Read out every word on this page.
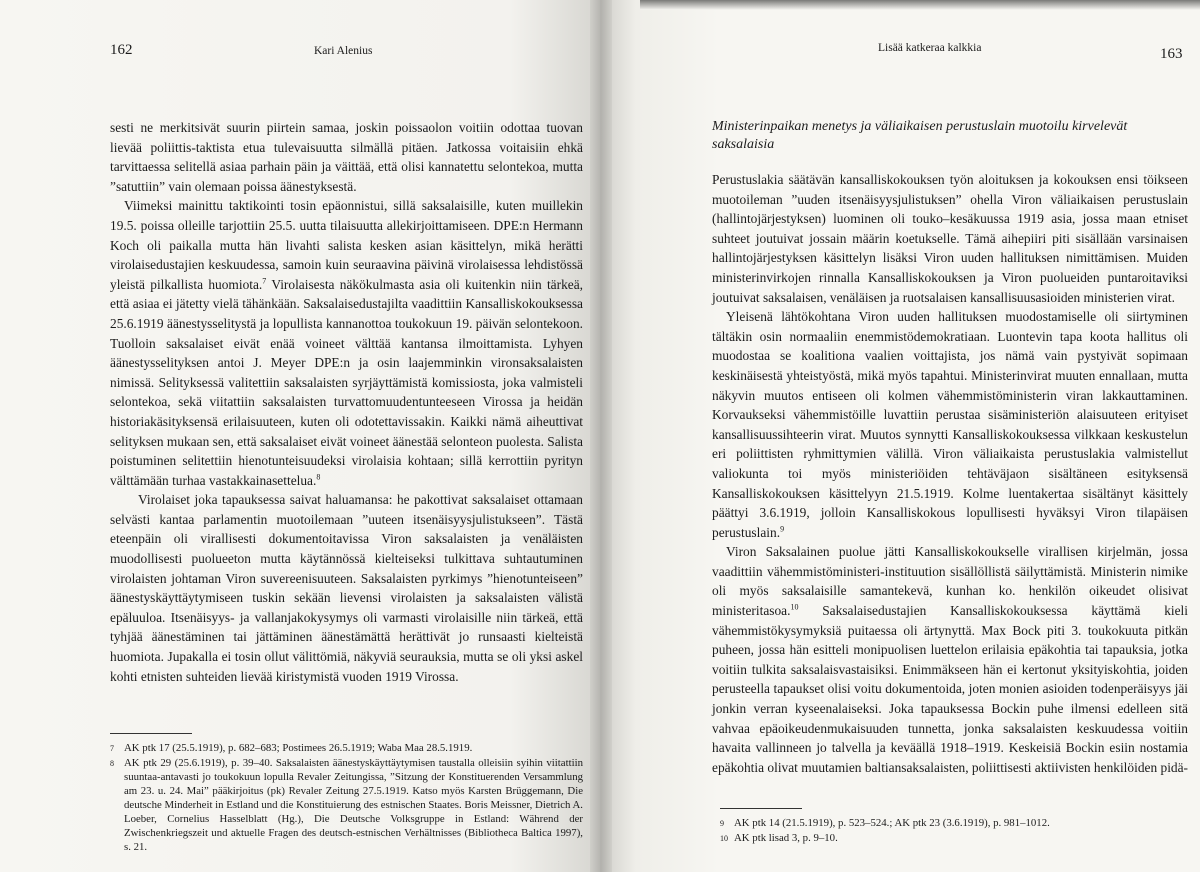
162	Kari Alenius

sesti ne merkitsivät suurin piirtein samaa, joskin poissaolon voitiin odottaa tuovan lievää poliittis-taktista etua tulevaisuutta silmällä pitäen. Jatkossa voitaisiin ehkä tarvittaessa selitellä asiaa parhain päin ja väittää, että olisi kannatettu selontekoa, mutta ”satuttiin” vain olemaan poissa äänestyksestä.

Viimeksi mainittu taktikointi tosin epäonnistui, sillä saksalaisille, kuten muillekin 19.5. poissa olleille tarjottiin 25.5. uutta tilaisuutta allekirjoittamiseen. DPE:n Hermann Koch oli paikalla mutta hän livahti salista kesken asian käsittelyn, mikä herätti virolaisedustajien keskuudessa, samoin kuin seuraavina päivinä virolaisessa lehdistössä yleistä pilkallista huomiota.$^7$ Virolaisesta näkökulmasta asia oli kuitenkin niin tärkeä, että asiaa ei jätetty vielä tähänkään. Saksalaisedustajilta vaadittiin Kansalliskokouksessa 25.6.1919 äänestysselitystä ja lopullista kannanottoa toukokuun 19. päivän selontekoon. Tuolloin saksalaiset eivät enää voineet välttää kantansa ilmoittamista. Lyhyen äänestysselityksen antoi J. Meyer DPE:n ja osin laajemminkin vironsaksalaisten nimissä. Selityksessä valitettiin saksalaisten syrjäyttämistä komissiosta, joka valmisteli selontekoa, sekä viitattiin saksalaisten turvattomuudentunteeseen Virossa ja heidän historiakäsityksensä erilaisuuteen, kuten oli odotettavissakin. Kaikki nämä aiheuttivat selityksen mukaan sen, että saksalaiset eivät voineet äänestää selonteon puolesta. Salista poistuminen selitettiin hienotunteisuudeksi virolaisia kohtaan; sillä kerrottiin pyrityn välttämään turhaa vastakkainasettelua.$^8$

Virolaiset joka tapauksessa saivat haluamansa: he pakottivat saksalaiset ottamaan selvästi kantaa parlamentin muotoilemaan ”uuteen itsenäisyysjulistukseen”. Tästä eteenpäin oli virallisesti dokumentoitavissa Viron saksalaisten ja venäläisten muodollisesti puolueeton mutta käytännössä kielteiseksi tulkittava suhtautuminen virolaisten johtaman Viron suvereenisuuteen. Saksalaisten pyrkimys ”hienotunteiseen” äänestyskäyttäytymiseen tuskin sekään lievensi virolaisten ja saksalaisten välistä epäluuloa. Itsenäisyys- ja vallanjakokysymys oli varmasti virolaisille niin tärkeä, että tyhjää äänestäminen tai jättäminen äänestämättä herättivät jo runsaasti kielteistä huomiota. Jupakalla ei tosin ollut välittömiä, näkyviä seurauksia, mutta se oli yksi askel kohti etnisten suhteiden lievää kiristymistä vuoden 1919 Virossa.

7 AK ptk 17 (25.5.1919), p. 682–683; Postimees 26.5.1919; Waba Maa 28.5.1919.
8 AK ptk 29 (25.6.1919), p. 39–40. Saksalaisten äänestyskäyttäytymisen taustalla olleisiin syihin viitattiin suuntaa-antavasti jo toukokuun lopulla Revaler Zeitungissa, ”Sitzung der Konstituerenden Versammlung am 23. u. 24. Mai” pääkirjoitus (pk) Revaler Zeitung 27.5.1919. Katso myös Karsten Brüggemann, Die deutsche Minderheit in Estland und die Konstituierung des estnischen Staates. Boris Meissner, Dietrich A. Loeber, Cornelius Hasselblatt (Hg.), Die Deutsche Volksgruppe in Estland: Während der Zwischenkriegszeit und aktuelle Fragen des deutsch-estnischen Verhältnisses (Bibliotheca Baltica 1997), s. 21.
Lisää katkeraa kalkkia	163
Ministerinpaikan menetys ja väliaikaisen perustuslain muotoilu kirvelevät saksalaisia

Perustuslakia säätävän kansalliskokouksen työn aloituksen ja kokouksen ensi töikseen muotoileman ”uuden itsenäisyysjulistuksen” ohella Viron väliaikaisen perustuslain (hallintojärjestyksen) luominen oli touko–kesäkuussa 1919 asia, jossa maan etniset suhteet joutuivat jossain määrin koetukselle. Tämä aihepiiri piti sisällään varsinaisen hallintojärjestyksen käsittelyn lisäksi Viron uuden hallituksen nimittämisen. Muiden ministerinvirkojen rinnalla Kansalliskokouksen ja Viron puolueiden puntaroitaviksi joutuivat saksalaisen, venäläisen ja ruotsalaisen kansallisuusasioiden ministerien virat.

Yleisenä lähtökohtana Viron uuden hallituksen muodostamiselle oli siirtyminen tältäkin osin normaaliin enemmistödemokratiaan. Luontevin tapa koota hallitus oli muodostaa se koalitiona vaalien voittajista, jos nämä vain pystyivät sopimaan keskinäisestä yhteistyöstä, mikä myös tapahtui. Ministerinvirat muuten ennallaan, mutta näkyvin muutos entiseen oli kolmen vähemmistöministerin viran lakkauttaminen. Korvaukseksi vähemmistöille luvattiin perustaa sisäministeriön alaisuuteen erityiset kansallisuussihteerin virat. Muutos synnytti Kansalliskokouksessa vilkkaan keskustelun eri poliittisten ryhmittymien välillä. Viron väliaikaista perustuslakia valmistellut valiokunta toi myös ministeriöiden tehtäväjaon sisältäneen esityksensä Kansalliskokouksen käsittelyyn 21.5.1919. Kolme luentakertaa sisältänyt käsittely päättyi 3.6.1919, jolloin Kansalliskokous lopullisesti hyväksyi Viron tilapäisen perustuslain.$^9$

Viron Saksalainen puolue jätti Kansalliskokoukselle virallisen kirjelmän, jossa vaadittiin vähemmistöministeri-instituution sisällöllistä säilyttämistä. Ministerin nimike oli myös saksalaisille samantekevä, kunhan ko. henkilön oikeudet olisivat ministeritasoa.$^{10}$ Saksalaisedustajien Kansalliskokouksessa käyttämä kieli vähemmistökysymyksiä puitaessa oli ärtynyttä. Max Bock piti 3. toukokuuta pitkän puheen, jossa hän esitteli monipuolisen luettelon erilaisia epäkohtia tai tapauksia, jotka voitiin tulkita saksalaisvastaisiksi. Enimmäkseen hän ei kertonut yksityiskohtia, joiden perusteella tapaukset olisi voitu dokumentoida, joten monien asioiden todenperäisyys jäi jonkin verran kyseenalaiseksi. Joka tapauksessa Bockin puhe ilmensi edelleen sitä vahvaa epäoikeudenmukaisuuden tunnetta, jonka saksalaisten keskuudessa voitiin havaita vallinneen jo talvella ja keväällä 1918–1919. Keskeisiä Bockin esiin nostamia epäkohtia olivat muutamien baltiansaksalaisten, poliittisesti aktiivisten henkilöiden pidä-

9 AK ptk 14 (21.5.1919), p. 523–524.; AK ptk 23 (3.6.1919), p. 981–1012.
10 AK ptk lisad 3, p. 9–10.
